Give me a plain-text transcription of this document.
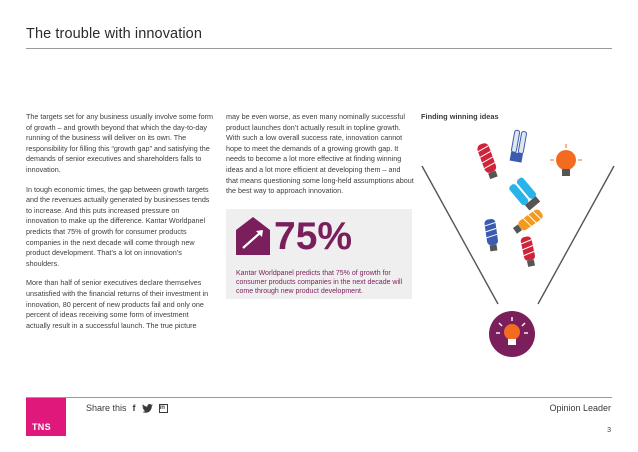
The trouble with innovation

The targets set for any business usually involve some form of growth – and growth beyond that which the day-to-day running of the business will deliver on its own. The responsibility for filling this “growth gap” and satisfying the demands of senior executives and shareholders falls to innovation.

In tough economic times, the gap between growth targets and the revenues actually generated by businesses tends to increase. And this puts increased pressure on innovation to make up the difference. Kantar Worldpanel predicts that 75% of growth for consumer products companies in the next decade will come through new product development. That’s a lot on innovation’s shoulders.

More than half of senior executives declare themselves unsatisfied with the financial returns of their investment in innovation, 80 percent of new products fail and only one percent of ideas receiving some form of investment actually result in a successful launch. The true picture

may be even worse, as even many nominally successful product launches don’t actually result in topline growth. With such a low overall success rate, innovation cannot hope to meet the demands of a growing growth gap. It needs to become a lot more effective at finding winning ideas and a lot more efficient at developing them – and that means questioning some long-held assumptions about the best way to approach innovation.

75%
Kantar Worldpanel predicts that 75% of growth for consumer products companies in the next decade will come through new product development.
Finding winning ideas
TNS
Share this f	in	Opinion Leader
3
